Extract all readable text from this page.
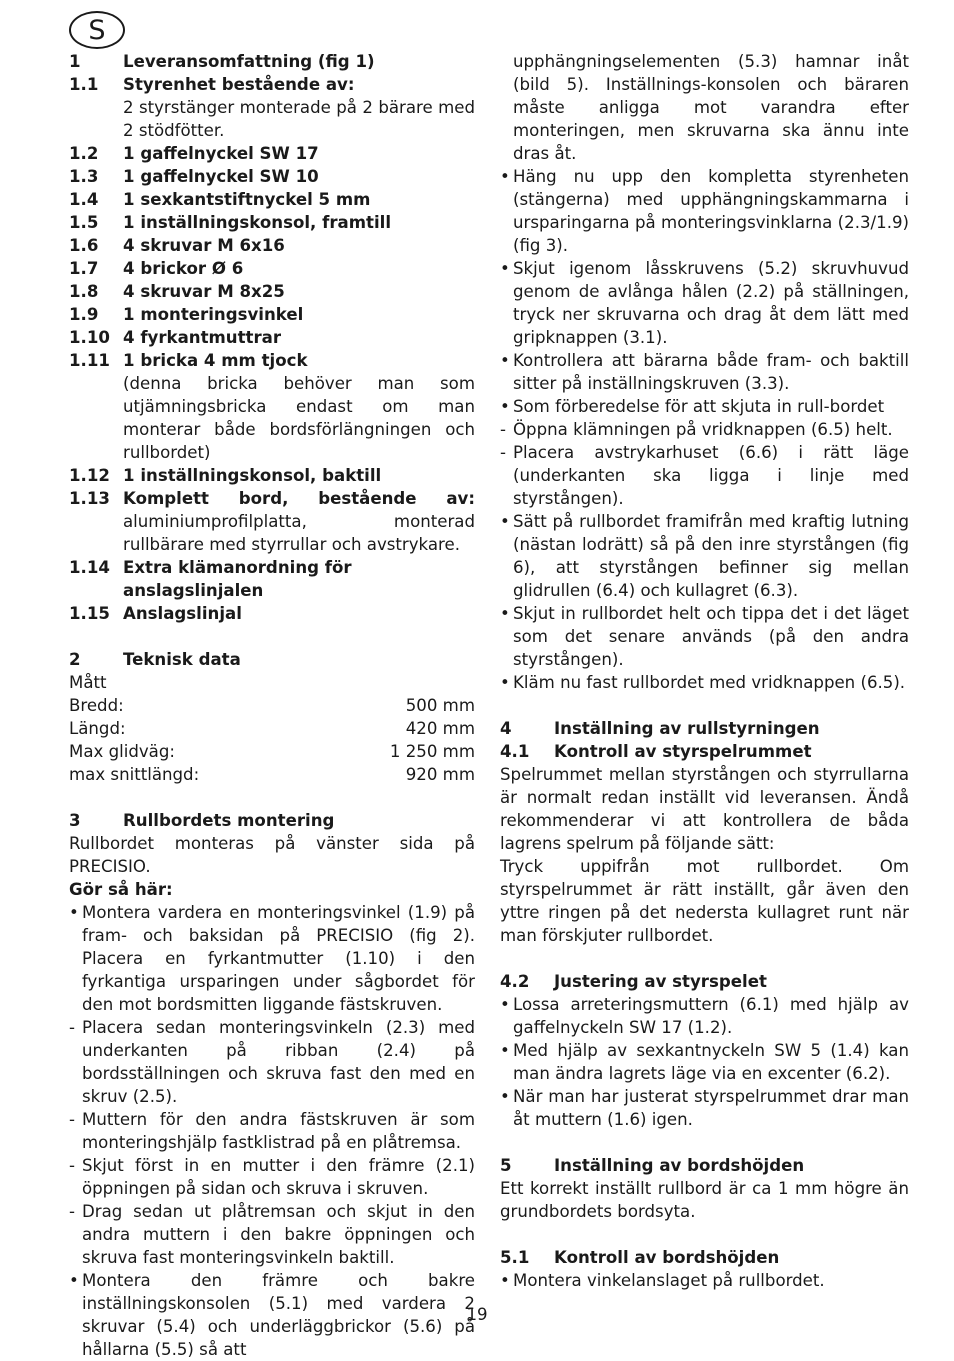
S
1	Leveransomfattning (fig 1)
1.1	Styrenhet bestående av:
2 styrstänger monterade på 2 bärare med 2 stödfötter.
1.2	1 gaffelnyckel SW 17
1.3	1 gaffelnyckel SW 10
1.4	1 sexkantstiftnyckel 5 mm
1.5	1 inställningskonsol, framtill
1.6	4 skruvar M 6x16
1.7	4 brickor Ø 6
1.8	4 skruvar M 8x25
1.9	1 monteringsvinkel
1.10 4 fyrkantmuttrar
1.11 1 bricka 4 mm tjock
(denna bricka behöver man som utjämningsbricka endast om man monterar både bordsförlängningen och rullbordet)
1.12 1 inställningskonsol, baktill
1.13 Komplett bord, bestående av: aluminiumprofilplatta, monterad rullbärare med styrrullar och avstrykare.
1.14 Extra klämanordning för anslagslinjalen
1.15 Anslagslinjal
2	Teknisk data
Mått
Bredd:	500 mm
Längd:	420 mm
Max glidväg:	1 250 mm
max snittlängd:	920 mm
3	Rullbordets montering
Rullbordet monteras på vänster sida på PRECISIO.
Gör så här:
• Montera vardera en monteringsvinkel (1.9) på fram- och baksidan på PRECISIO (fig 2). Placera en fyrkantmutter (1.10) i den fyrkantiga ursparingen under sågbordet för den mot bordsmitten liggande fästskruven.
- Placera sedan monteringsvinkeln (2.3) med underkanten på ribban (2.4) på bordsställningen och skruva fast den med en skruv (2.5).
- Muttern för den andra fästskruven är som monteringshjälp fastklistrad på en plåtremsa.
- Skjut först in en mutter i den främre (2.1) öppningen på sidan och skruva i skruven.
- Drag sedan ut plåtremsan och skjut in den andra muttern i den bakre öppningen och skruva fast monteringsvinkeln baktill.
• Montera den främre och bakre inställningskonsolen (5.1) med vardera 2 skruvar (5.4) och underläggbrickor (5.6) på hållarna (5.5) så att
upphängningselementen (5.3) hamnar inåt (bild 5). Inställnings-konsolen och bäraren måste anligga mot varandra efter monteringen, men skruvarna ska ännu inte dras åt.
• Häng nu upp den kompletta styrenheten (stängerna) med upphängningskammarna i ursparingarna på monteringsvinklarna (2.3/1.9) (fig 3).
• Skjut igenom låsskruvens (5.2) skruvhuvud genom de avlånga hålen (2.2) på ställningen, tryck ner skruvarna och drag åt dem lätt med gripknappen (3.1).
• Kontrollera att bärarna både fram- och baktill sitter på inställningskruven (3.3).
• Som förberedelse för att skjuta in rull-bordet
- Öppna klämningen på vridknappen (6.5) helt.
- Placera avstrykarhuset (6.6) i rätt läge (underkanten ska ligga i linje med styrstången).
• Sätt på rullbordet framifrån med kraftig lutning (nästan lodrätt) så på den inre styrstången (fig 6), att styrstången befinner sig mellan glidrullen (6.4) och kullagret (6.3).
• Skjut in rullbordet helt och tippa det i det läget som det senare används (på den andra styrstången).
• Kläm nu fast rullbordet med vridknappen (6.5).
4	Inställning av rullstyrningen
4.1	Kontroll av styrspelrummet
Spelrummet mellan styrstången och styrrullarna är normalt redan inställt vid leveransen. Ändå rekommenderar vi att kontrollera de båda lagrens spelrum på följande sätt:
Tryck uppifrån mot rullbordet. Om styrspelrummet är rätt inställt, går även den yttre ringen på det nedersta kullagret runt när man förskjuter rullbordet.
4.2	Justering av styrspelet
• Lossa arreteringsmuttern (6.1) med hjälp av gaffelnyckeln SW 17 (1.2).
• Med hjälp av sexkantnyckeln SW 5 (1.4) kan man ändra lagrets läge via en excenter (6.2).
• När man har justerat styrspelrummet drar man åt muttern (1.6) igen.
5	Inställning av bordshöjden
Ett korrekt inställt rullbord är ca 1 mm högre än grundbordets bordsyta.
5.1	Kontroll av bordshöjden
• Montera vinkelanslaget på rullbordet.
19
